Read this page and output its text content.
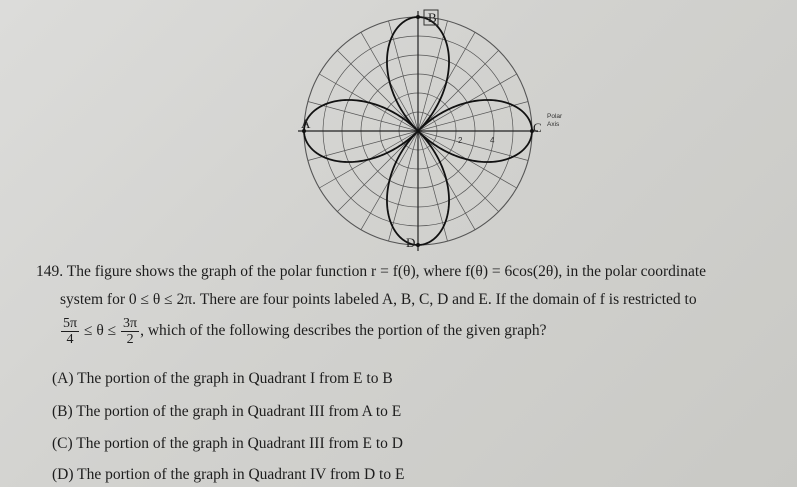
B
A	C
D
Polar
Axis
2	4
149. The figure shows the graph of the polar function r = f(θ), where f(θ) = 6cos(2θ), in the polar coordinate
system for 0 ≤ θ ≤ 2π. There are four points labeled A, B, C, D and E. If the domain of f is restricted to
$\frac{5\pi}{4} \le \theta \le \frac{3\pi}{2}$ , which of the following describes the portion of the given graph?
(A) The portion of the graph in Quadrant I from E to B
(B) The portion of the graph in Quadrant III from A to E
(C) The portion of the graph in Quadrant III from E to D
(D) The portion of the graph in Quadrant IV from D to E
